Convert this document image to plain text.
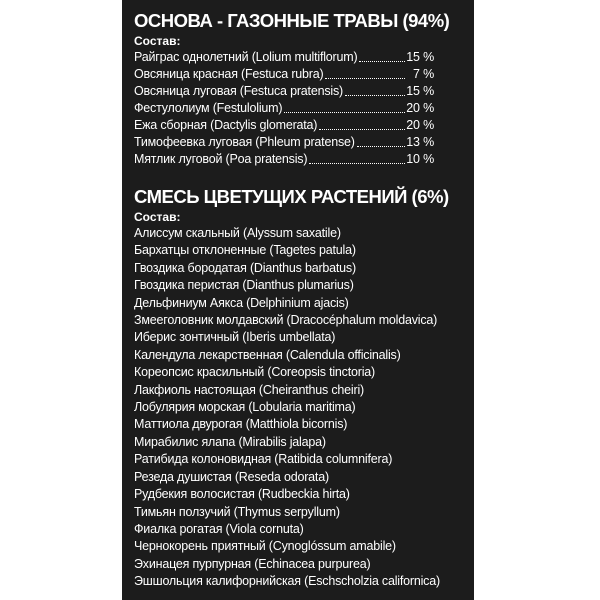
ОСНОВА - ГАЗОННЫЕ ТРАВЫ (94%)
Состав:
Райграс однолетний (Lolium multiflorum)	15 %
Овсяница красная (Festuca rubra)	7 %
Овсяница луговая (Festuca pratensis)	15 %
Фестулолиум (Festulolium)	20 %
Ежа сборная (Dactylis glomerata)	20 %
Тимофеевка луговая (Phleum pratense)	13 %
Мятлик луговой (Poa pratensis)	10 %
СМЕСЬ ЦВЕТУЩИХ РАСТЕНИЙ (6%)
Состав:
Алиссум скальный (Alyssum saxatile)
Бархатцы отклоненные (Tagetes patula)
Гвоздика бородатая (Dianthus barbatus)
Гвоздика перистая (Dianthus plumarius)
Дельфиниум Аякса (Delphinium ajacis)
Змееголовник молдавский (Dracocéphalum moldavica)
Иберис зонтичный (Iberis umbellata)
Календула лекарственная (Calendula officinalis)
Кореопсис красильный (Coreopsis tinctoria)
Лакфиоль настоящая (Cheiranthus cheiri)
Лобулярия морская (Lobularia maritima)
Маттиола двурогая (Matthiola bicornis)
Мирабилис ялапа (Mirabilis jalapa)
Ратибида колоновидная (Ratibida columnifera)
Резеда душистая (Reseda odorata)
Рудбекия волосистая (Rudbeckia hirta)
Тимьян ползучий (Thymus serpyllum)
Фиалка рогатая (Viola cornuta)
Чернокорень приятный (Cynoglóssum amabile)
Эхинацея пурпурная (Echinacea purpurea)
Эшшольция калифорнийская (Eschscholzia californica)
